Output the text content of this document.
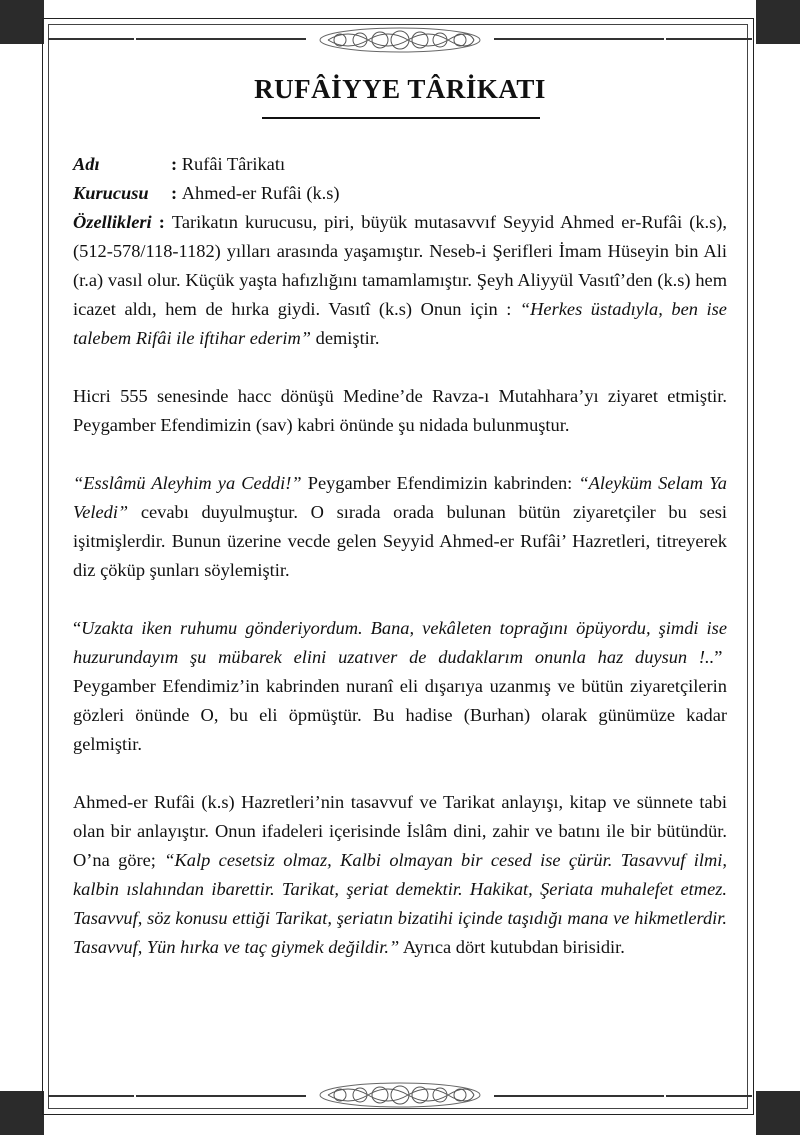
RUFÂİYYE TÂRİKATI

Adı	: Rufâi Târikatı

Kurucusu : Ahmed-er Rufâi (k.s)

Özellikleri : Tarikatın kurucusu, piri, büyük mutasavvıf Seyyid Ahmed er-Rufâi (k.s), (512-578/118-1182) yılları arasında yaşamıştır. Neseb-i Şerifleri İmam Hüseyin bin Ali (r.a) vasıl olur. Küçük yaşta hafızlığını tamamlamıştır. Şeyh Aliyyül Vasıtî’den (k.s) hem icazet aldı, hem de hırka giydi. Vasıtî (k.s) Onun için : “Herkes üstadıyla, ben ise talebem Rifâi ile iftihar ederim” demiştir.

Hicri 555 senesinde hacc dönüşü Medine’de Ravza-ı Mutahhara’yı ziyaret etmiştir. Peygamber Efendimizin (sav) kabri önünde şu nidada bulunmuştur.

“Esslâmü Aleyhim ya Ceddi!” Peygamber Efendimizin kabrinden: “Aleyküm Selam Ya Veledi” cevabı duyulmuştur. O sırada orada bulunan bütün ziyaretçiler bu sesi işitmişlerdir. Bunun üzerine vecde gelen Seyyid Ahmed-er Rufâi’ Hazretleri, titreyerek diz çöküp şunları söylemiştir.

“Uzakta iken ruhumu gönderiyordum. Bana, vekâleten toprağını öpüyordu, şimdi ise huzurundayım şu mübarek elini uzatıver de dudaklarım onunla haz duysun !..”  Peygamber Efendimiz’in kabrinden nuranî eli dışarıya uzanmış ve bütün ziyaretçilerin gözleri önünde O, bu eli öpmüştür. Bu hadise (Burhan) olarak günümüze kadar gelmiştir.

Ahmed-er Rufâi (k.s) Hazretleri’nin tasavvuf ve Tarikat anlayışı, kitap ve sünnete tabi olan bir anlayıştır. Onun ifadeleri içerisinde İslâm dini, zahir ve batını ile bir bütündür. O’na göre; “Kalp cesetsiz olmaz, Kalbi olmayan bir cesed ise çürür. Tasavvuf ilmi, kalbin ıslahından ibarettir. Tarikat, şeriat demektir. Hakikat, Şeriata muhalefet etmez. Tasavvuf, söz konusu ettiği Tarikat, şeriatın bizatihi içinde taşıdığı mana ve hikmetlerdir. Tasavvuf, Yün hırka ve taç giymek değildir.” Ayrıca dört kutubdan birisidir.
